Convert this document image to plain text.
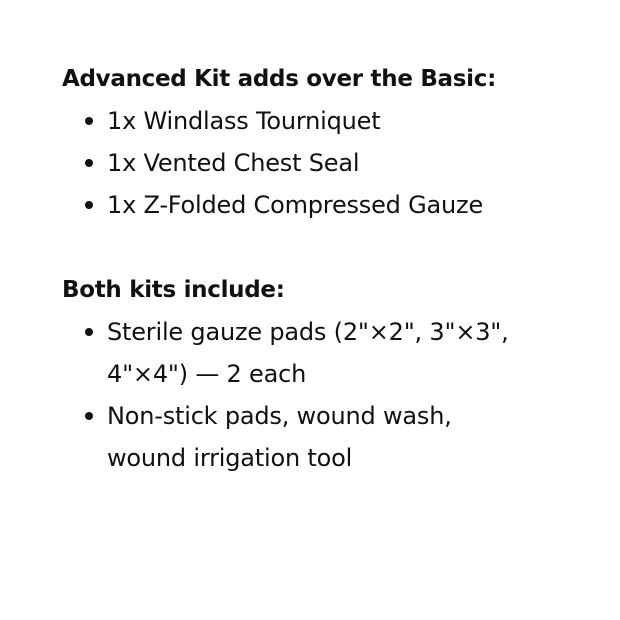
Advanced Kit adds over the Basic:
1x Windlass Tourniquet
1x Vented Chest Seal
1x Z-Folded Compressed Gauze
Both kits include:
Sterile gauze pads (2"×2", 3"×3", 4"×4") — 2 each
Non-stick pads, wound wash, wound irrigation tool
